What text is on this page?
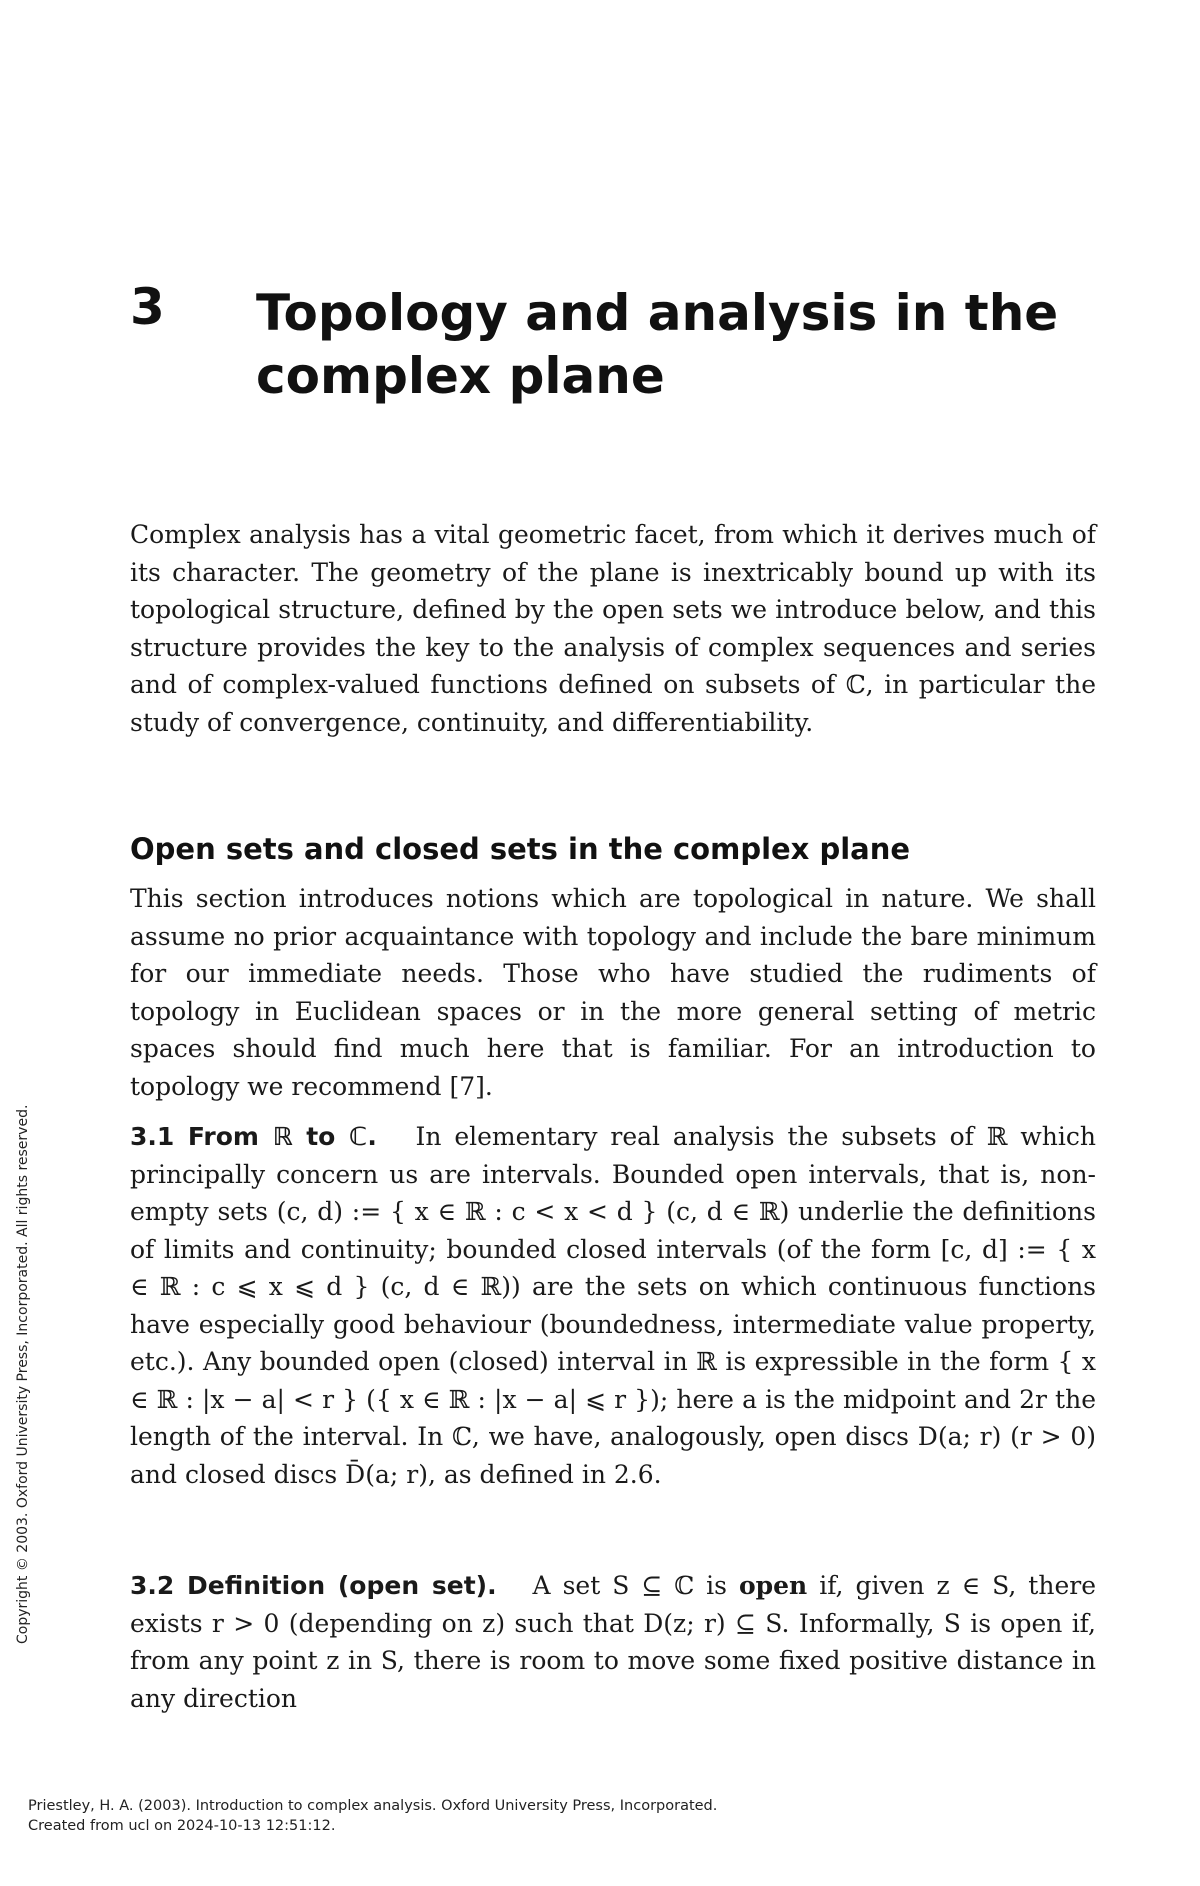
3 Topology and analysis in the complex plane
Complex analysis has a vital geometric facet, from which it derives much of its character. The geometry of the plane is inextricably bound up with its topological structure, defined by the open sets we introduce below, and this structure provides the key to the analysis of complex sequences and series and of complex-valued functions defined on subsets of ℂ, in particular the study of convergence, continuity, and differentiability.
Open sets and closed sets in the complex plane
This section introduces notions which are topological in nature. We shall assume no prior acquaintance with topology and include the bare minimum for our immediate needs. Those who have studied the rudiments of topology in Euclidean spaces or in the more general setting of metric spaces should find much here that is familiar. For an introduction to topology we recommend [7].
3.1 From ℝ to ℂ. In elementary real analysis the subsets of ℝ which principally concern us are intervals. Bounded open intervals, that is, non-empty sets (c, d) := { x ∈ ℝ : c < x < d } (c, d ∈ ℝ) underlie the definitions of limits and continuity; bounded closed intervals (of the form [c, d] := { x ∈ ℝ : c ⩽ x ⩽ d } (c, d ∈ ℝ)) are the sets on which continuous functions have especially good behaviour (boundedness, intermediate value property, etc.). Any bounded open (closed) interval in ℝ is expressible in the form { x ∈ ℝ : |x − a| < r } ({ x ∈ ℝ : |x − a| ⩽ r }); here a is the midpoint and 2r the length of the interval. In ℂ, we have, analogously, open discs D(a; r) (r > 0) and closed discs D̄(a; r), as defined in 2.6.
3.2 Definition (open set). A set S ⊆ ℂ is open if, given z ∈ S, there exists r > 0 (depending on z) such that D(z; r) ⊆ S. Informally, S is open if, from any point z in S, there is room to move some fixed positive distance in any direction
Copyright © 2003. Oxford University Press, Incorporated. All rights reserved.
Priestley, H. A. (2003). Introduction to complex analysis. Oxford University Press, Incorporated.
Created from ucl on 2024-10-13 12:51:12.
